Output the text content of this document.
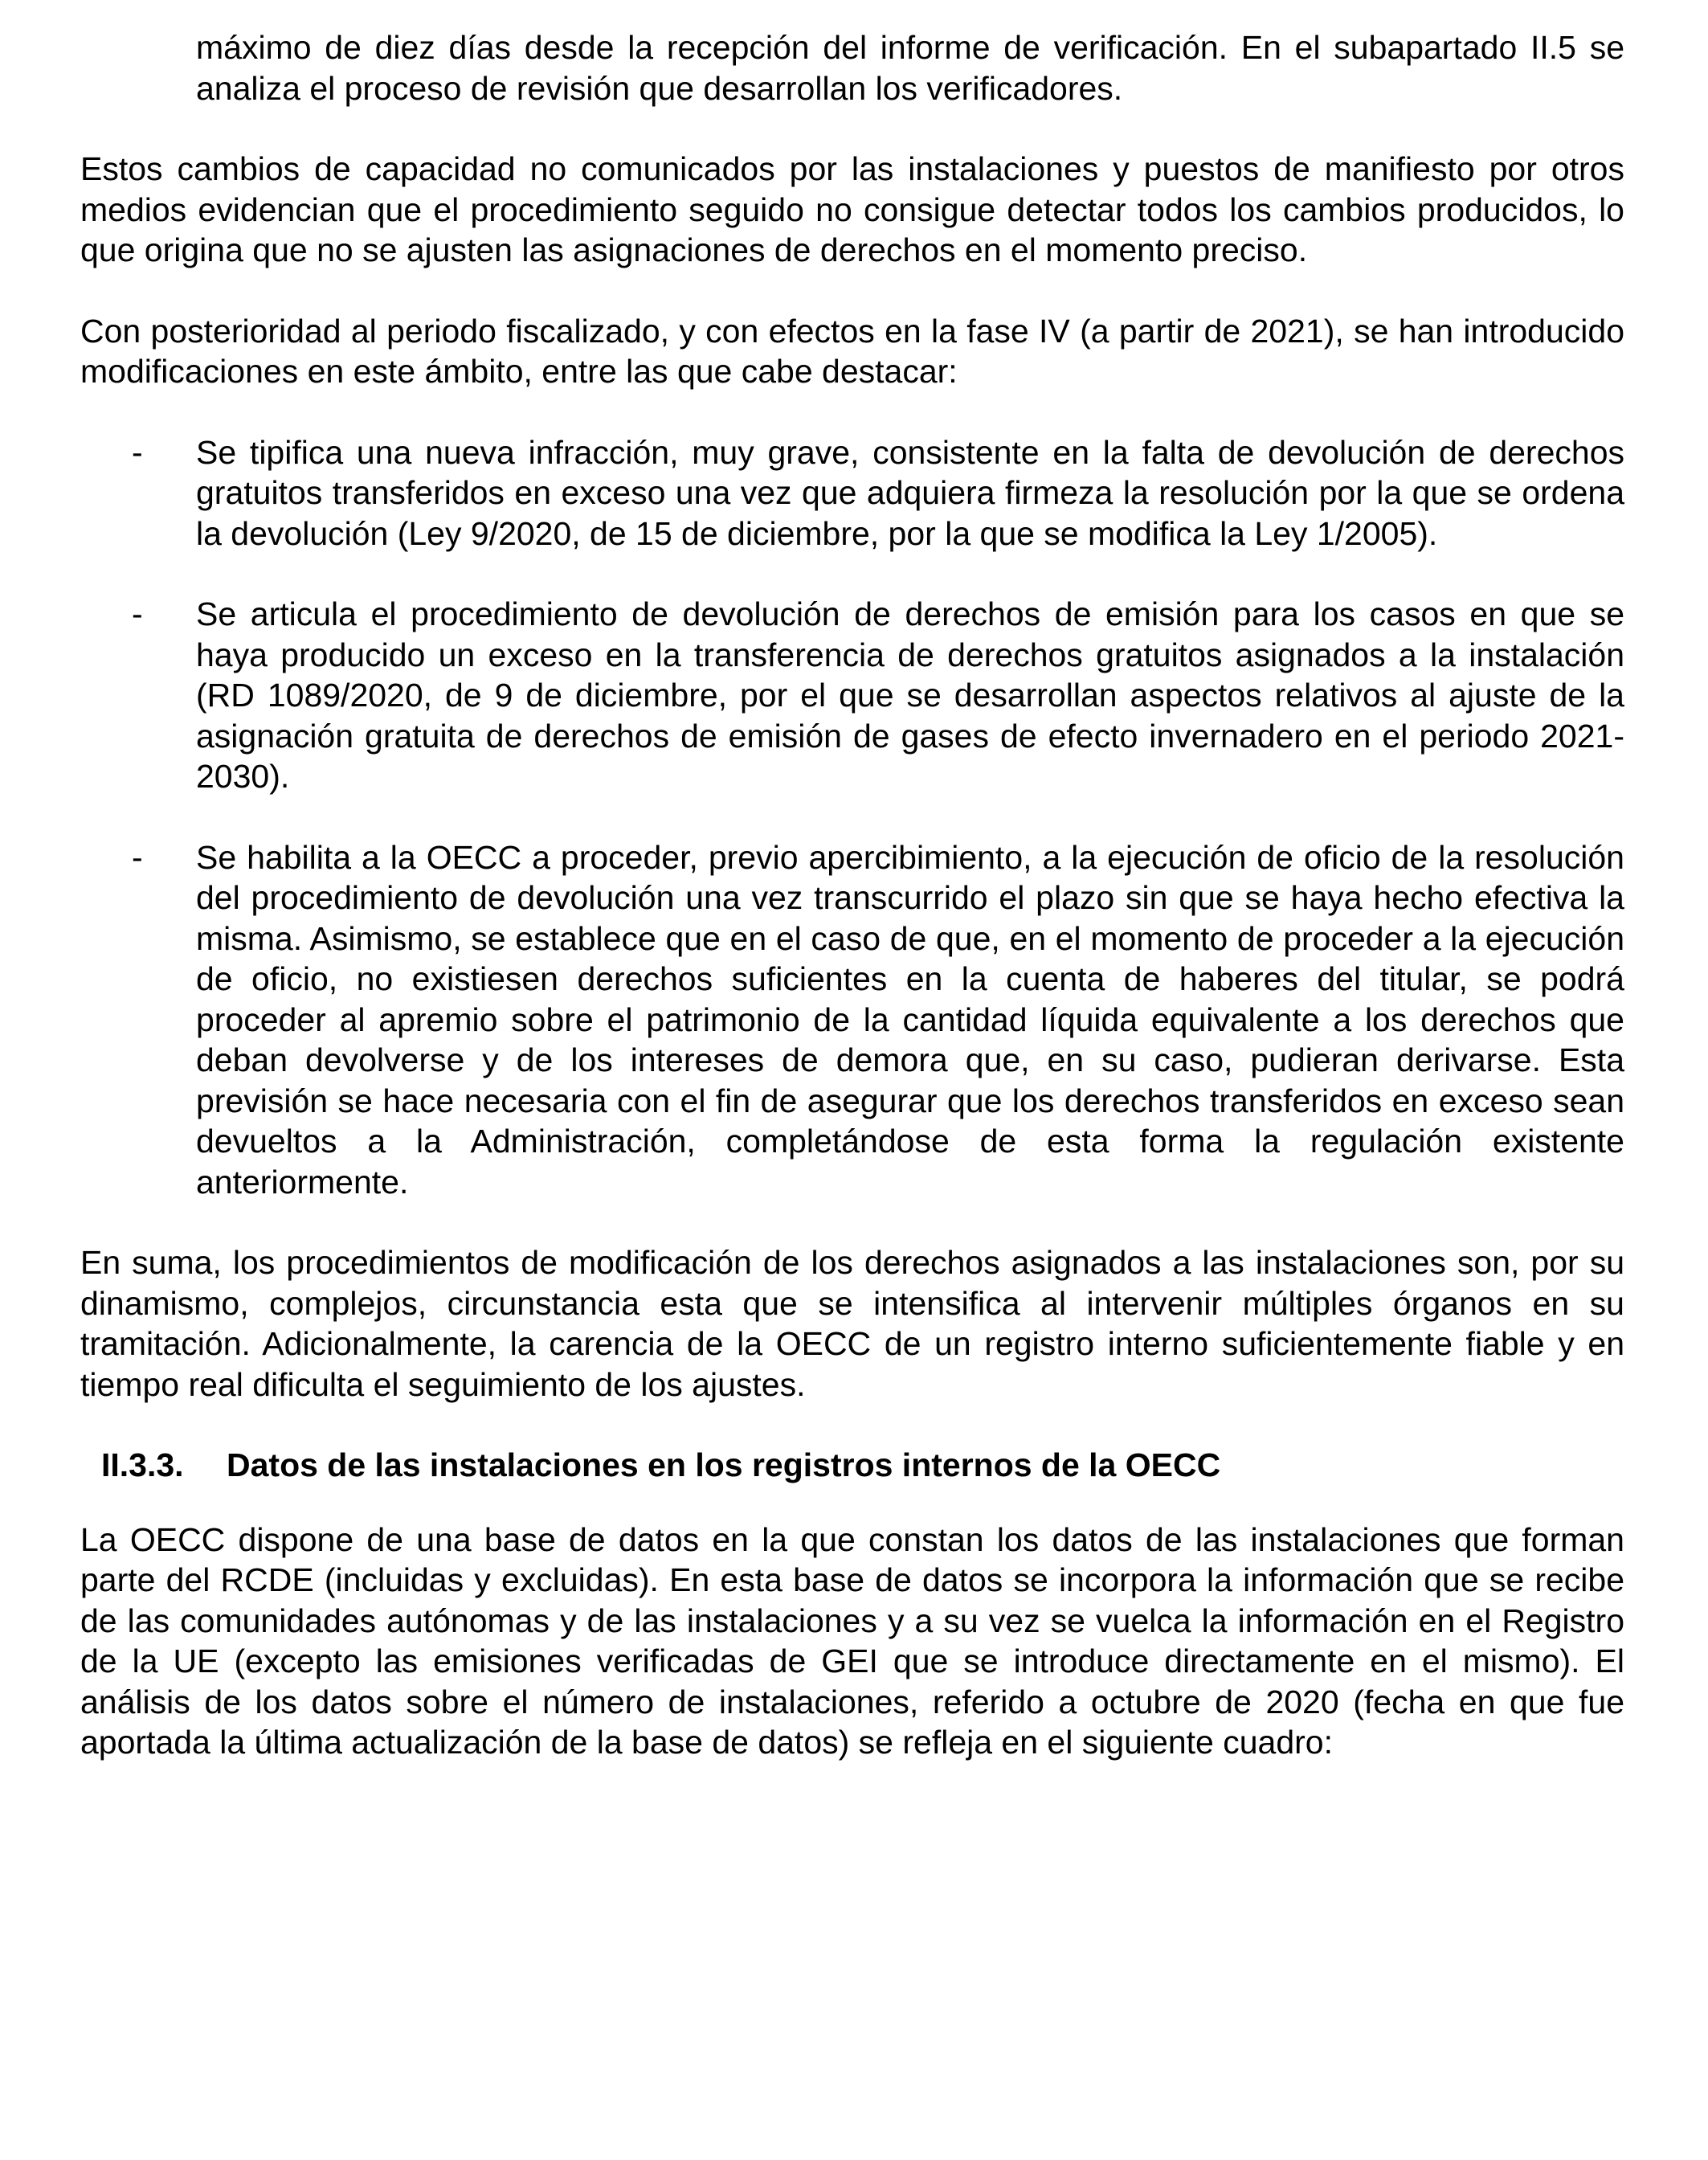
máximo de diez días desde la recepción del informe de verificación. En el subapartado II.5 se analiza el proceso de revisión que desarrollan los verificadores.

Estos cambios de capacidad no comunicados por las instalaciones y puestos de manifiesto por otros medios evidencian que el procedimiento seguido no consigue detectar todos los cambios producidos, lo que origina que no se ajusten las asignaciones de derechos en el momento preciso.

Con posterioridad al periodo fiscalizado, y con efectos en la fase IV (a partir de 2021), se han introducido modificaciones en este ámbito, entre las que cabe destacar:

- Se tipifica una nueva infracción, muy grave, consistente en la falta de devolución de derechos gratuitos transferidos en exceso una vez que adquiera firmeza la resolución por la que se ordena la devolución (Ley 9/2020, de 15 de diciembre, por la que se modifica la Ley 1/2005).
- Se articula el procedimiento de devolución de derechos de emisión para los casos en que se haya producido un exceso en la transferencia de derechos gratuitos asignados a la instalación (RD 1089/2020, de 9 de diciembre, por el que se desarrollan aspectos relativos al ajuste de la asignación gratuita de derechos de emisión de gases de efecto invernadero en el periodo 2021-2030).
- Se habilita a la OECC a proceder, previo apercibimiento, a la ejecución de oficio de la resolución del procedimiento de devolución una vez transcurrido el plazo sin que se haya hecho efectiva la misma. Asimismo, se establece que en el caso de que, en el momento de proceder a la ejecución de oficio, no existiesen derechos suficientes en la cuenta de haberes del titular, se podrá proceder al apremio sobre el patrimonio de la cantidad líquida equivalente a los derechos que deban devolverse y de los intereses de demora que, en su caso, pudieran derivarse. Esta previsión se hace necesaria con el fin de asegurar que los derechos transferidos en exceso sean devueltos a la Administración, completándose de esta forma la regulación existente anteriormente.

En suma, los procedimientos de modificación de los derechos asignados a las instalaciones son, por su dinamismo, complejos, circunstancia esta que se intensifica al intervenir múltiples órganos en su tramitación. Adicionalmente, la carencia de la OECC de un registro interno suficientemente fiable y en tiempo real dificulta el seguimiento de los ajustes.

II.3.3.	Datos de las instalaciones en los registros internos de la OECC

La OECC dispone de una base de datos en la que constan los datos de las instalaciones que forman parte del RCDE (incluidas y excluidas). En esta base de datos se incorpora la información que se recibe de las comunidades autónomas y de las instalaciones y a su vez se vuelca la información en el Registro de la UE (excepto las emisiones verificadas de GEI que se introduce directamente en el mismo). El análisis de los datos sobre el número de instalaciones, referido a octubre de 2020 (fecha en que fue aportada la última actualización de la base de datos) se refleja en el siguiente cuadro:
